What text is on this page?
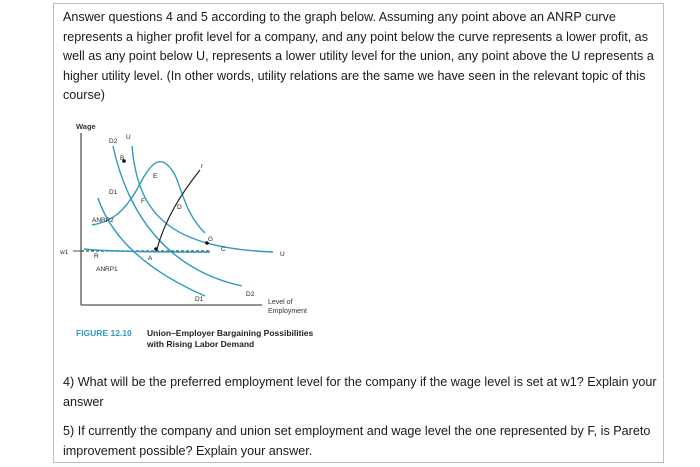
Answer questions 4 and 5 according to the graph below. Assuming any point above an ANRP curve represents a higher profit level for a company, and any point below the curve represents a lower profit, as well as any point below U, represents a lower utility level for the union, any point above the U represents a higher utility level. (In other words, utility relations are the same we have seen in the relevant topic of this course)

Wage
Level of
Employment
w1
D2
U
D1
ANRP2
R
ANRP1
D1
D2
U
r
C
B
E
F
D
G
A
FIGURE 12.10 Union–Employer Bargaining Possibilities
with Rising Labor Demand

4) What will be the preferred employment level for the company if the wage level is set at w1? Explain your answer

5) If currently the company and union set employment and wage level the one represented by F, is Pareto improvement possible? Explain your answer.
